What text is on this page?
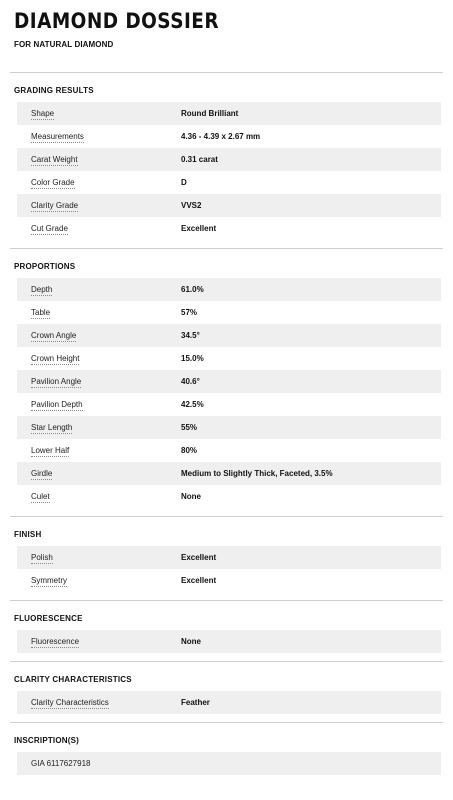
DIAMOND DOSSIER
FOR NATURAL DIAMOND
GRADING RESULTS
Shape	Round Brilliant
Measurements	4.36 - 4.39 x 2.67 mm
Carat Weight	0.31 carat
Color Grade	D
Clarity Grade	VVS2
Cut Grade	Excellent
PROPORTIONS
Depth	61.0%
Table	57%
Crown Angle	34.5°
Crown Height	15.0%
Pavilion Angle	40.6°
Pavilion Depth	42.5%
Star Length	55%
Lower Half	80%
Girdle	Medium to Slightly Thick, Faceted, 3.5%
Culet	None
FINISH
Polish	Excellent
Symmetry	Excellent
FLUORESCENCE
Fluorescence	None
CLARITY CHARACTERISTICS
Clarity Characteristics	Feather
INSCRIPTION(S)
GIA 6117627918
